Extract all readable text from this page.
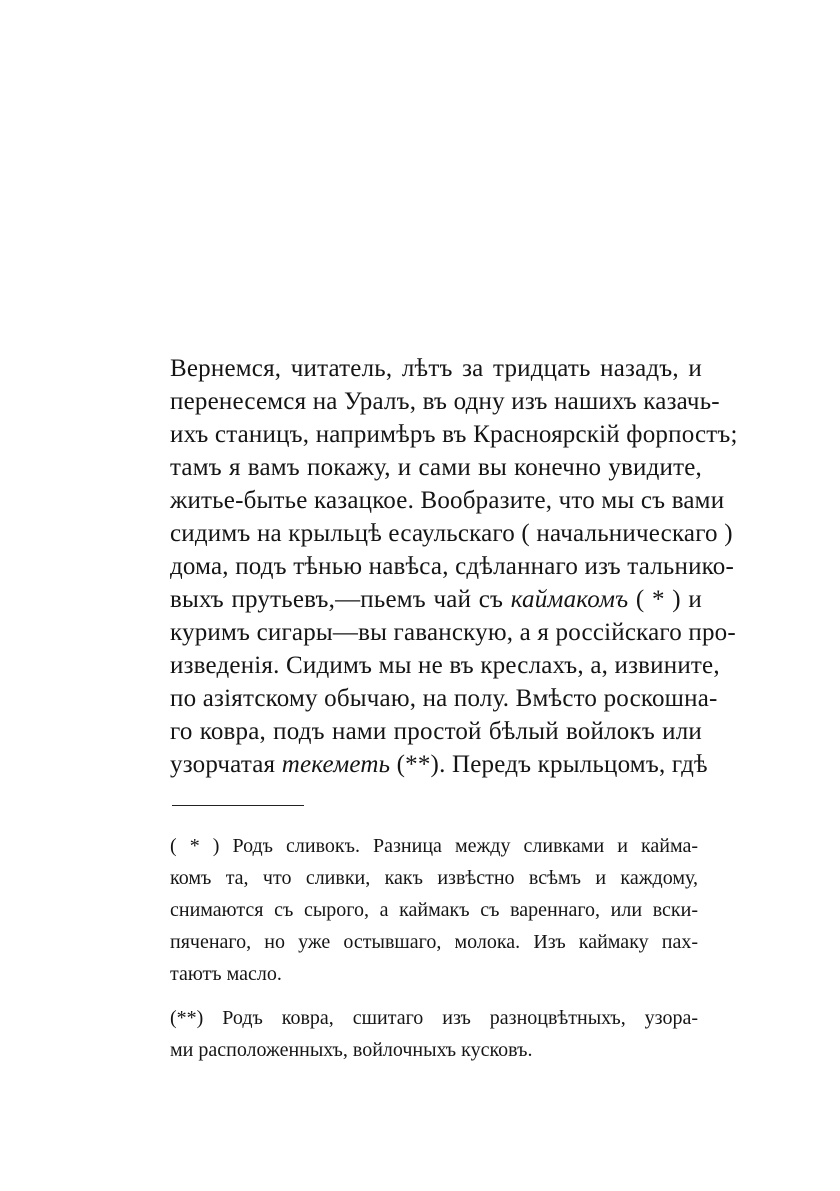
Вернемся, читатель, лѣтъ за тридцать назадъ, и
перенесемся на Уралъ, въ одну изъ нашихъ казачь-
ихъ станицъ, напримѣръ въ Красноярскій форпостъ;
тамъ я вамъ покажу, и сами вы конечно увидите,
житье-бытье казацкое. Вообразите, что мы съ вами
сидимъ на крыльцѣ есаульскаго ( начальническаго )
дома, подъ тѣнью навѣса, сдѣланнаго изъ тальнико-
выхъ прутьевъ,—пьемъ чай съ каймакомъ ( * ) и
куримъ сигары—вы гаванскую, а я россійскаго про-
изведенія. Сидимъ мы не въ креслахъ, а, извините,
по азіятскому обычаю, на полу. Вмѣсто роскошна-
го ковра, подъ нами простой бѣлый войлокъ или
узорчатая текеметь (**). Передъ крыльцомъ, гдѣ
( * ) Родъ сливокъ. Разница между сливками и кайма-
комъ та, что сливки, какъ извѣстно всѣмъ и каждому,
снимаются съ сырого, а каймакъ съ вареннаго, или вски-
пяченаго, но уже остывшаго, молока. Изъ каймаку пах-
таютъ масло.
(**) Родъ ковра, сшитаго изъ разноцвѣтныхъ, узора-
ми расположенныхъ, войлочныхъ кусковъ.
